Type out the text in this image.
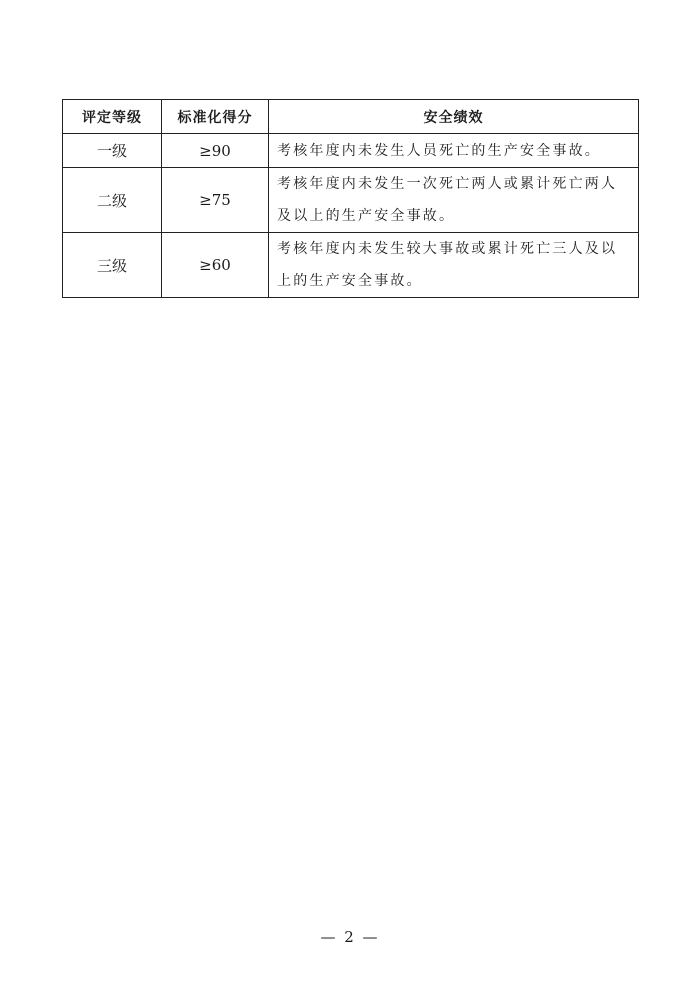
评定等级	标准化得分	安全绩效
一级	≥90	考核年度内未发生人员死亡的生产安全事故。
二级	≥75	考核年度内未发生一次死亡两人或累计死亡两人及以上的生产安全事故。
三级	≥60	考核年度内未发生较大事故或累计死亡三人及以上的生产安全事故。
— 2 —
